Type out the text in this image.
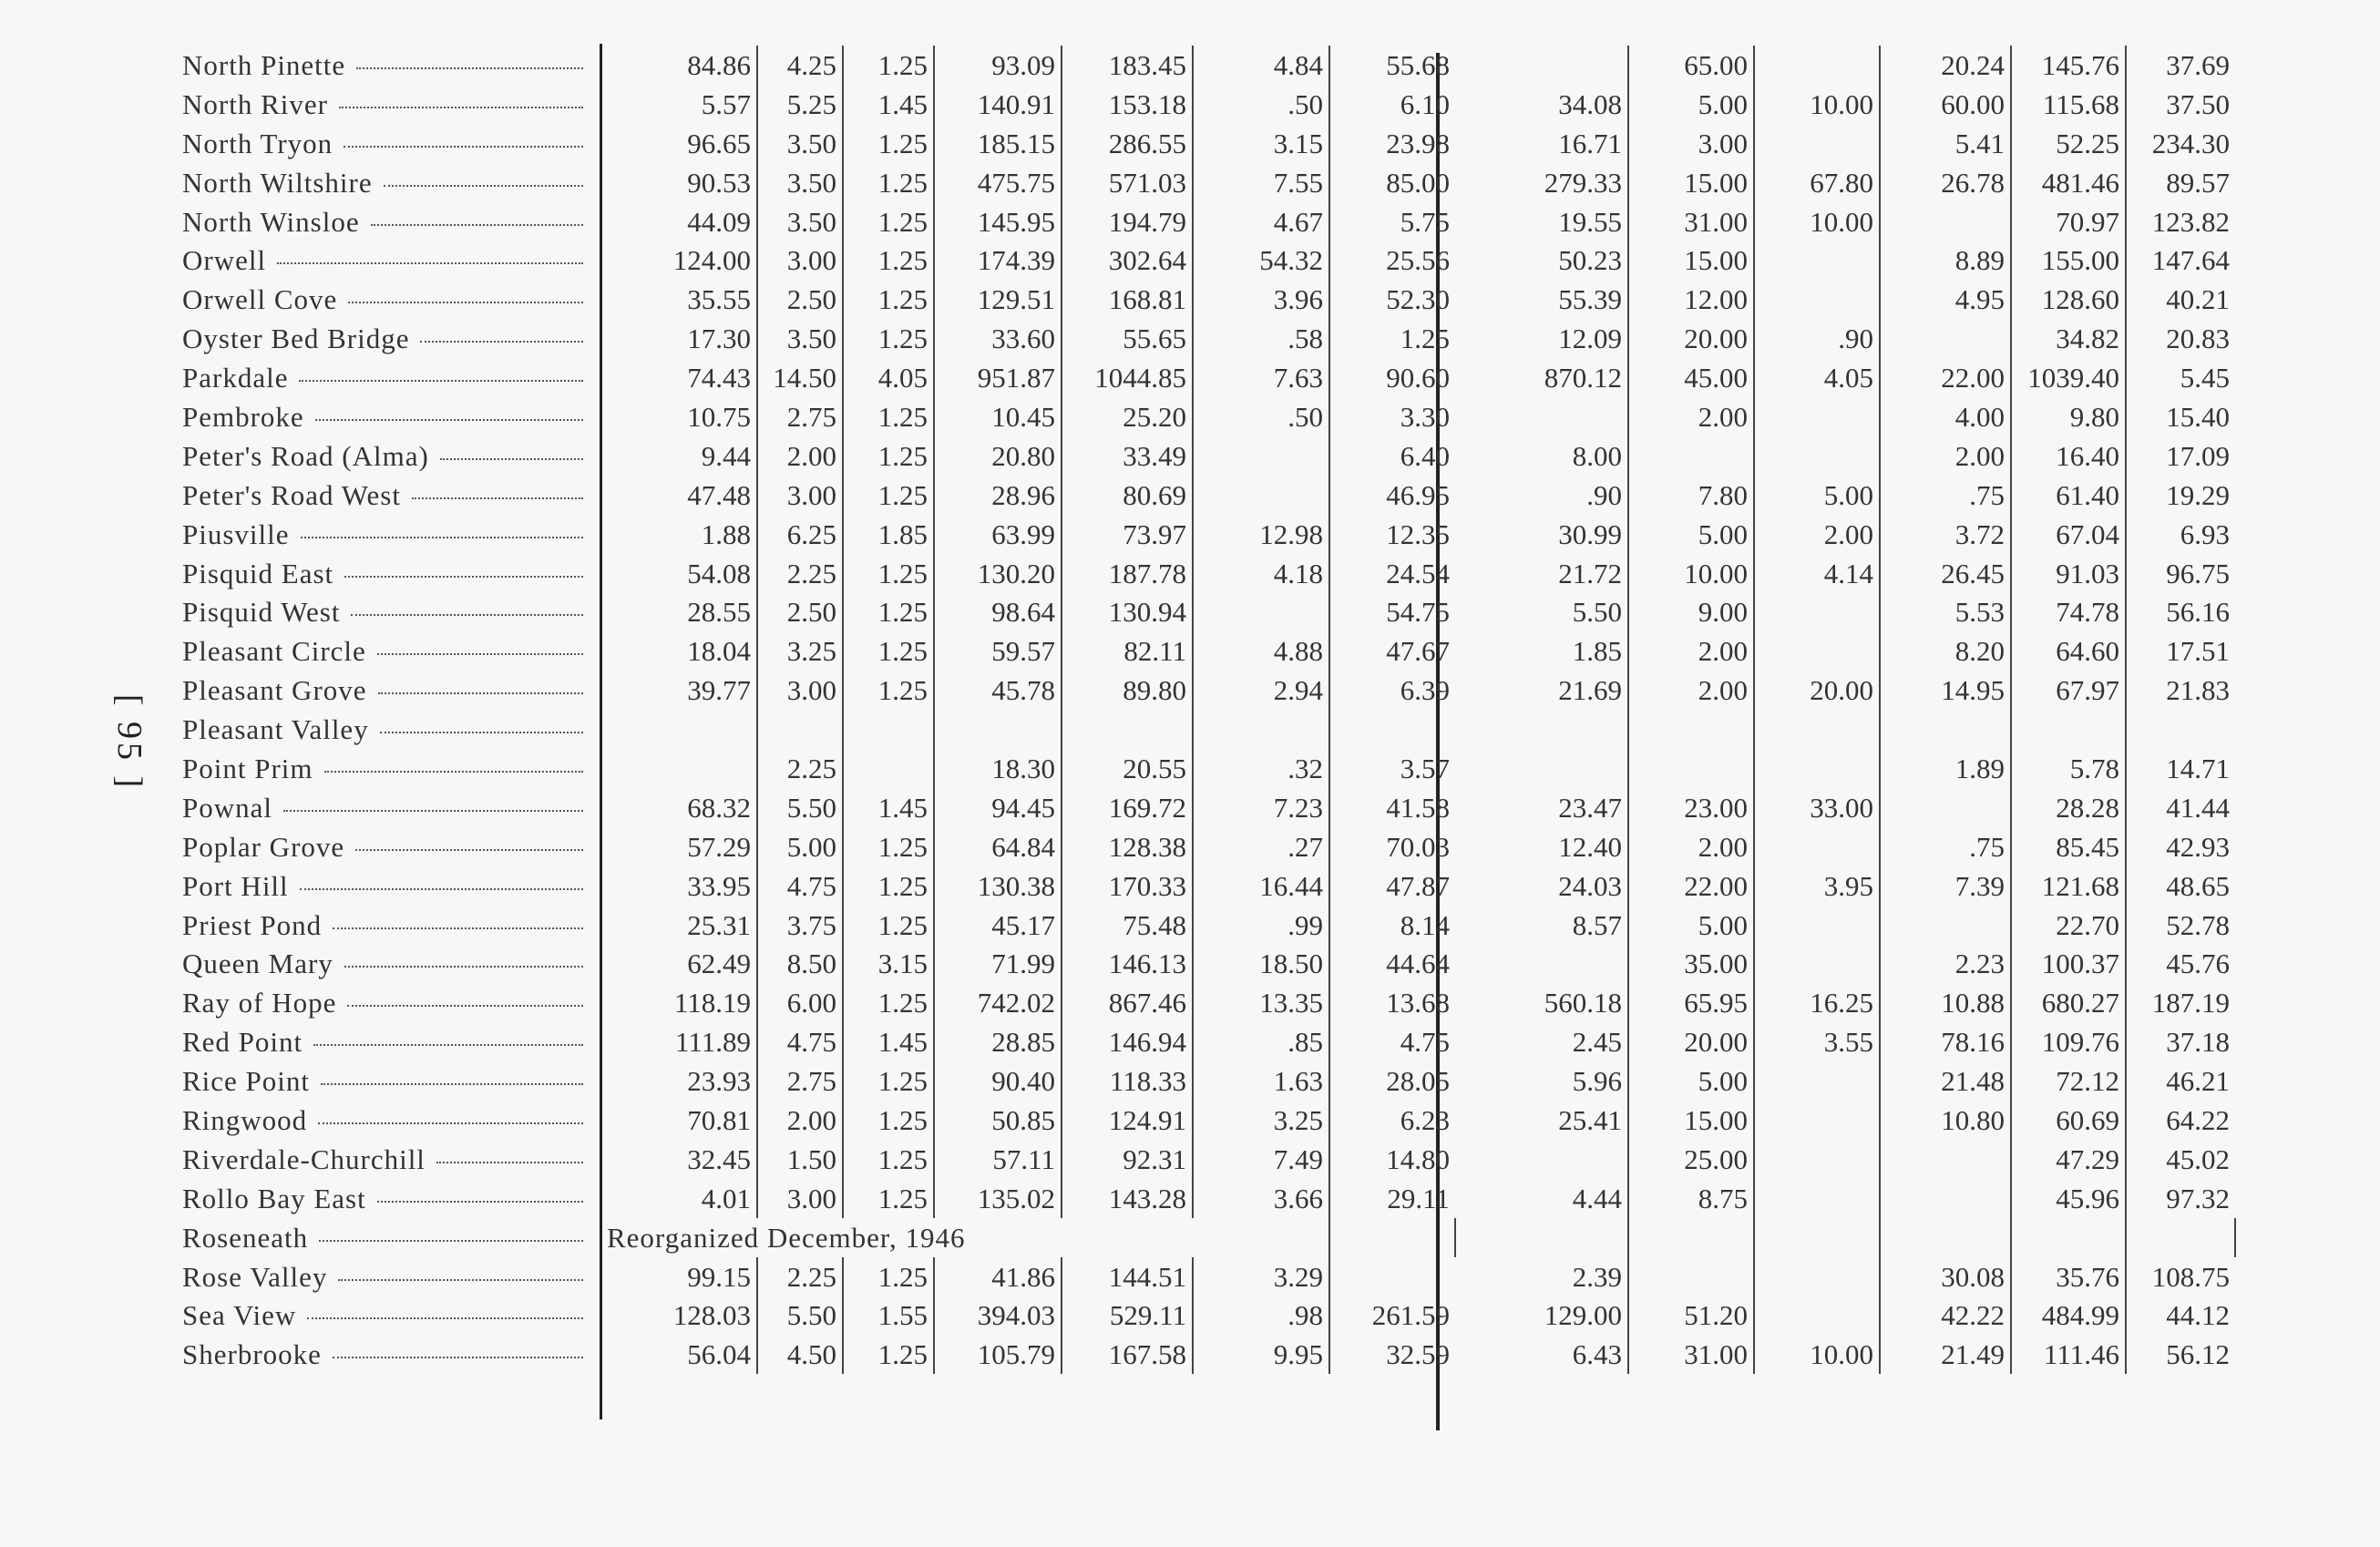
[ 95 ]
North Pinette	84.86	4.25	1.25	93.09	183.45	4.84	55.68			65.00		20.24	145.76	37.69

North River	5.57	5.25	1.45	140.91	153.18	.50	6.10		34.08	5.00	10.00	60.00	115.68	37.50

North Tryon	96.65	3.50	1.25	185.15	286.55	3.15	23.98		16.71	3.00		5.41	52.25	234.30

North Wiltshire	90.53	3.50	1.25	475.75	571.03	7.55	85.00		279.33	15.00	67.80	26.78	481.46	89.57

North Winsloe	44.09	3.50	1.25	145.95	194.79	4.67	5.75		19.55	31.00	10.00		70.97	123.82

Orwell	124.00	3.00	1.25	174.39	302.64	54.32	25.56		50.23	15.00		8.89	155.00	147.64

Orwell Cove	35.55	2.50	1.25	129.51	168.81	3.96	52.30		55.39	12.00		4.95	128.60	40.21

Oyster Bed Bridge	17.30	3.50	1.25	33.60	55.65	.58	1.25		12.09	20.00	.90		34.82	20.83

Parkdale	74.43	14.50	4.05	951.87	1044.85	7.63	90.60		870.12	45.00	4.05	22.00	1039.40	5.45

Pembroke	10.75	2.75	1.25	10.45	25.20	.50	3.30			2.00		4.00	9.80	15.40

Peter's Road (Alma)	9.44	2.00	1.25	20.80	33.49		6.40		8.00			2.00	16.40	17.09

Peter's Road West	47.48	3.00	1.25	28.96	80.69		46.95		.90	7.80	5.00	.75	61.40	19.29

Piusville	1.88	6.25	1.85	63.99	73.97	12.98	12.35		30.99	5.00	2.00	3.72	67.04	6.93

Pisquid East	54.08	2.25	1.25	130.20	187.78	4.18	24.54		21.72	10.00	4.14	26.45	91.03	96.75

Pisquid West	28.55	2.50	1.25	98.64	130.94		54.75		5.50	9.00		5.53	74.78	56.16

Pleasant Circle	18.04	3.25	1.25	59.57	82.11	4.88	47.67		1.85	2.00		8.20	64.60	17.51

Pleasant Grove	39.77	3.00	1.25	45.78	89.80	2.94	6.39		21.69	2.00	20.00	14.95	67.97	21.83

Pleasant Valley														

Point Prim		2.25		18.30	20.55	.32	3.57					1.89	5.78	14.71

Pownal	68.32	5.50	1.45	94.45	169.72	7.23	41.58		23.47	23.00	33.00		28.28	41.44

Poplar Grove	57.29	5.00	1.25	64.84	128.38	.27	70.03		12.40	2.00		.75	85.45	42.93

Port Hill	33.95	4.75	1.25	130.38	170.33	16.44	47.87		24.03	22.00	3.95	7.39	121.68	48.65

Priest Pond	25.31	3.75	1.25	45.17	75.48	.99	8.14		8.57	5.00			22.70	52.78

Queen Mary	62.49	8.50	3.15	71.99	146.13	18.50	44.64			35.00		2.23	100.37	45.76

Ray of Hope	118.19	6.00	1.25	742.02	867.46	13.35	13.68		560.18	65.95	16.25	10.88	680.27	187.19

Red Point	111.89	4.75	1.45	28.85	146.94	.85	4.75		2.45	20.00	3.55	78.16	109.76	37.18

Rice Point	23.93	2.75	1.25	90.40	118.33	1.63	28.05		5.96	5.00		21.48	72.12	46.21

Ringwood	70.81	2.00	1.25	50.85	124.91	3.25	6.23		25.41	15.00		10.80	60.69	64.22

Riverdale-Churchill	32.45	1.50	1.25	57.11	92.31	7.49	14.80			25.00			47.29	45.02

Rollo Bay East	4.01	3.00	1.25	135.02	143.28	3.66	29.11		4.44	8.75			45.96	97.32

Roseneath	Reorganized December, 1946													

Rose Valley	99.15	2.25	1.25	41.86	144.51	3.29			2.39			30.08	35.76	108.75

Sea View	128.03	5.50	1.55	394.03	529.11	.98	261.59		129.00	51.20		42.22	484.99	44.12

Sherbrooke	56.04	4.50	1.25	105.79	167.58	9.95	32.59		6.43	31.00	10.00	21.49	111.46	56.12
